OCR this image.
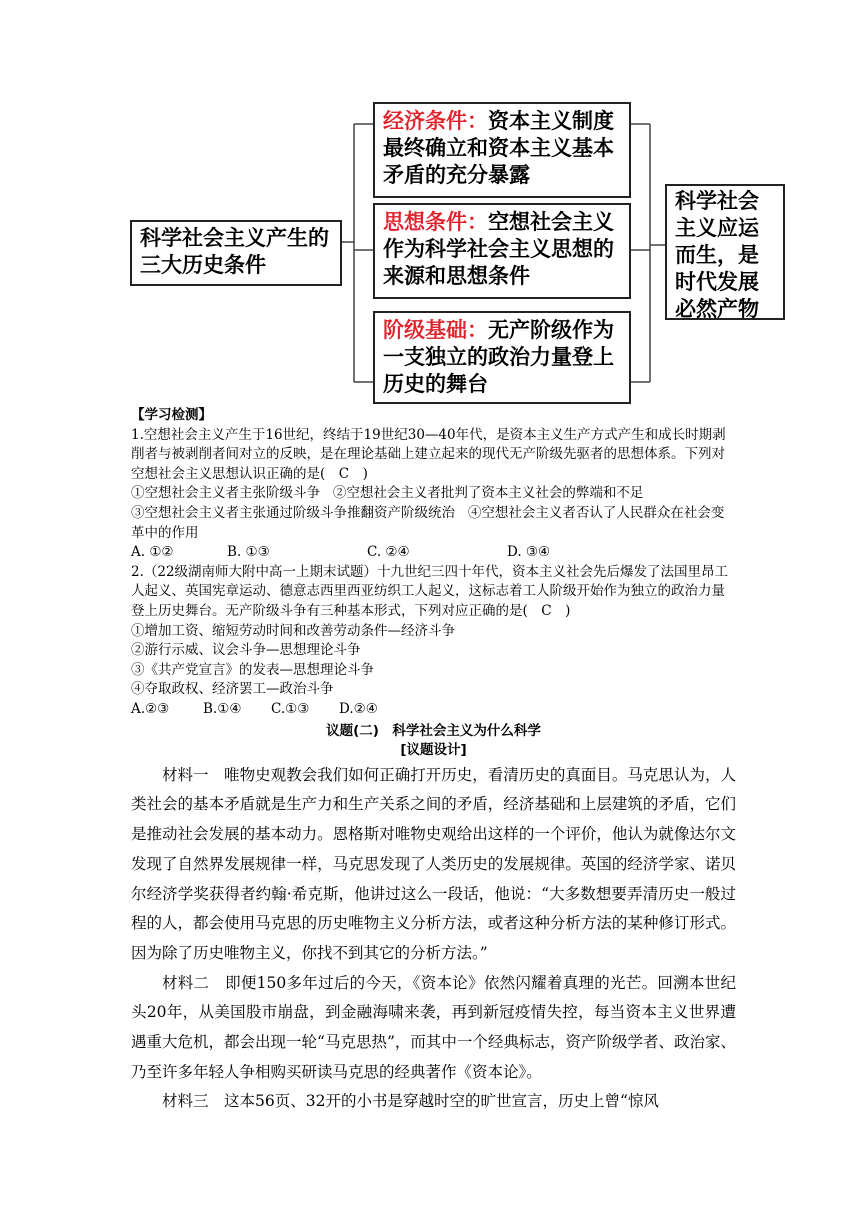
科学社会主义产生的三大历史条件
经济条件：资本主义制度最终确立和资本主义基本矛盾的充分暴露
思想条件：空想社会主义作为科学社会主义思想的来源和思想条件
阶级基础：无产阶级作为一支独立的政治力量登上历史的舞台
科学社会主义应运而生，是时代发展必然产物

【学习检测】

1.空想社会主义产生于16世纪，终结于19世纪30—40年代，是资本主义生产方式产生和成长时期剥削者与被剥削者间对立的反映，是在理论基础上建立起来的现代无产阶级先驱者的思想体系。下列对空想社会主义思想认识正确的是(　C　)

①空想社会主义者主张阶级斗争 ②空想社会主义者批判了资本主义社会的弊端和不足

③空想社会主义者主张通过阶级斗争推翻资产阶级统治 ④空想社会主义者否认了人民群众在社会变革中的作用

A. ①②	B. ①③	C. ②④	D. ③④

2.（22级湖南师大附中高一上期末试题）十九世纪三四十年代，资本主义社会先后爆发了法国里昂工人起义、英国宪章运动、德意志西里西亚纺织工人起义，这标志着工人阶级开始作为独立的政治力量登上历史舞台。无产阶级斗争有三种基本形式，下列对应正确的是(　C　)

①增加工资、缩短劳动时间和改善劳动条件—经济斗争

②游行示威、议会斗争—思想理论斗争

③《共产党宣言》的发表—思想理论斗争

④夺取政权、经济罢工—政治斗争

A.②③	B.①④ C.①③ D.②④

议题(二)　科学社会主义为什么科学

[议题设计]

材料一　唯物史观教会我们如何正确打开历史，看清历史的真面目。马克思认为，人类社会的基本矛盾就是生产力和生产关系之间的矛盾，经济基础和上层建筑的矛盾，它们是推动社会发展的基本动力。恩格斯对唯物史观给出这样的一个评价，他认为就像达尔文发现了自然界发展规律一样，马克思发现了人类历史的发展规律。英国的经济学家、诺贝尔经济学奖获得者约翰·希克斯，他讲过这么一段话，他说：“大多数想要弄清历史一般过程的人，都会使用马克思的历史唯物主义分析方法，或者这种分析方法的某种修订形式。因为除了历史唯物主义，你找不到其它的分析方法。”

材料二　即便150多年过后的今天，《资本论》依然闪耀着真理的光芒。回溯本世纪头20年，从美国股市崩盘，到金融海啸来袭，再到新冠疫情失控，每当资本主义世界遭遇重大危机，都会出现一轮“马克思热”，而其中一个经典标志，资产阶级学者、政治家、乃至许多年轻人争相购买研读马克思的经典著作《资本论》。

材料三　这本56页、32开的小书是穿越时空的旷世宣言，历史上曾“惊风
